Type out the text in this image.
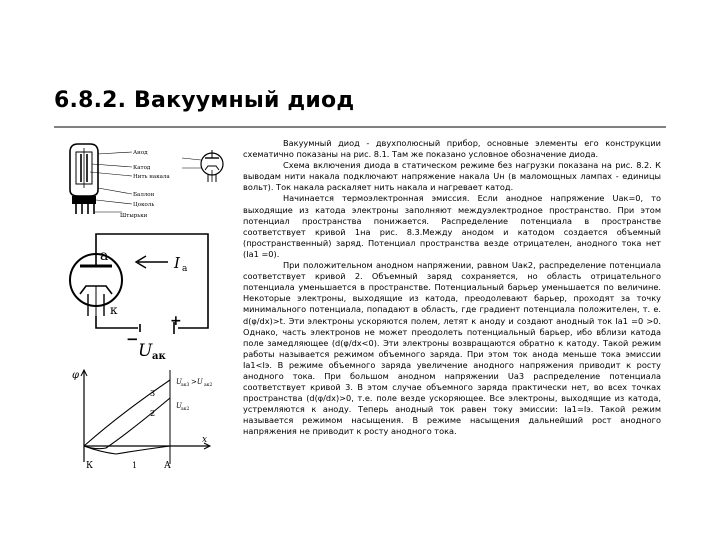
6.8.2. Вакуумный диод
Анод
Катод
Нить накала
Баллон
Цоколь
Штырьки
a
к
I a
−
+
U ак
φ
x
К	1	А
3
2
U ак3 >U ак2
U ак2

Вакуумный диод - двухполюсный прибор, основные элементы его конструкции схематично показаны на рис. 8.1. Там же показано условное обозначение диода.

Схема включения диода в статическом режиме без нагрузки показана на рис. 8.2. К выводам нити накала подключают напряжение накала Uн (в маломощных лампах - единицы вольт). Ток накала раскаляет нить накала и нагревает катод.

Начинается термоэлектронная эмиссия. Если анодное напряжение Uак=0, то выходящие из катода электроны заполняют междуэлектродное пространство. При этом потенциал пространства понижается. Распределение потенциала в пространстве соответствует кривой 1на рис. 8.3.Между анодом и катодом создается объемный (пространственный) заряд. Потенциал пространства везде отрицателен, анодного тока нет (Ia1 =0).

При положительном анодном напряжении, равном Uак2, распределение потенциала соответствует кривой 2. Объемный заряд сохраняется, но область отрицательного потенциала уменьшается в пространстве. Потенциальный барьер уменьшается по величине. Некоторые электроны, выходящие из катода, преодолевают барьер, проходят за точку минимального потенциала, попадают в область, где градиент потенциала положителен, т. е. d(φ/dx)>t. Эти электроны ускоряются полем, летят к аноду и создают анодный ток Ia1 =0 >0. Однако, часть электронов не может преодолеть потенциальный барьер, ибо вблизи катода поле замедляющее (d(φ/dx<0). Эти электроны возвращаются обратно к катоду. Такой режим работы называется режимом объемного заряда. При этом ток анода меньше тока эмиссии Ia1<Iэ. В режиме объемного заряда увеличение анодного напряжения приводит к росту анодного тока. При большом анодном напряжении Uа3 распределение потенциала соответствует кривой 3. В этом случае объемного заряда практически нет, во всех точках пространства (d(φ/dx)>0, т.е. поле везде ускоряющее. Все электроны, выходящие из катода, устремляются к аноду. Теперь анодный ток равен току эмиссии: Ia1=Iэ. Такой режим называется режимом насыщения. В режиме насыщения дальнейший рост анодного напряжения не приводит к росту анодного тока.
